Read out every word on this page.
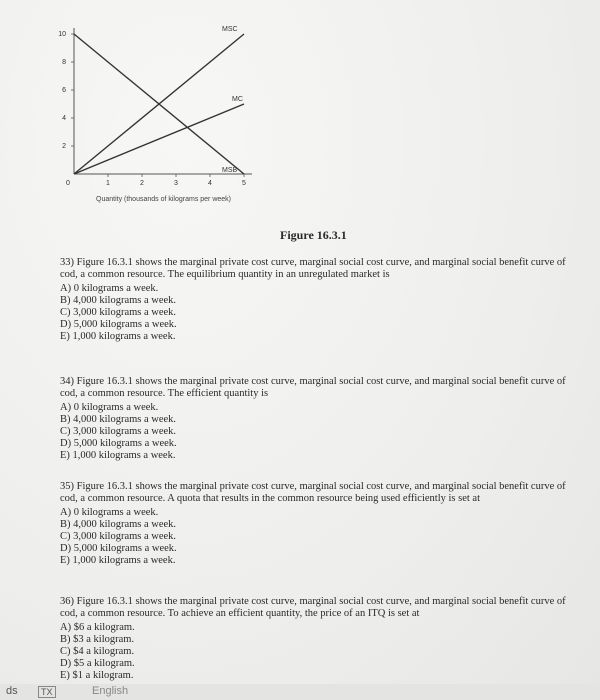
2
4
6
8
10
0	1	2	3	4	5
MSC
MC
MSB
Quantity (thousands of kilograms per week)
Figure 16.3.1
33) Figure 16.3.1 shows the marginal private cost curve, marginal social cost curve, and marginal social benefit curve of cod, a common resource. The equilibrium quantity in an unregulated market is
A) 0 kilograms a week.
B) 4,000 kilograms a week.
C) 3,000 kilograms a week.
D) 5,000 kilograms a week.
E) 1,000 kilograms a week.
34) Figure 16.3.1 shows the marginal private cost curve, marginal social cost curve, and marginal social benefit curve of cod, a common resource. The efficient quantity is
A) 0 kilograms a week.
B) 4,000 kilograms a week.
C) 3,000 kilograms a week.
D) 5,000 kilograms a week.
E) 1,000 kilograms a week.
35) Figure 16.3.1 shows the marginal private cost curve, marginal social cost curve, and marginal social benefit curve of cod, a common resource. A quota that results in the common resource being used efficiently is set at
A) 0 kilograms a week.
B) 4,000 kilograms a week.
C) 3,000 kilograms a week.
D) 5,000 kilograms a week.
E) 1,000 kilograms a week.
36) Figure 16.3.1 shows the marginal private cost curve, marginal social cost curve, and marginal social benefit curve of cod, a common resource. To achieve an efficient quantity, the price of an ITQ is set at
A) $6 a kilogram.
B) $3 a kilogram.
C) $4 a kilogram.
D) $5 a kilogram.
E) $1 a kilogram.
ds	TX	English
